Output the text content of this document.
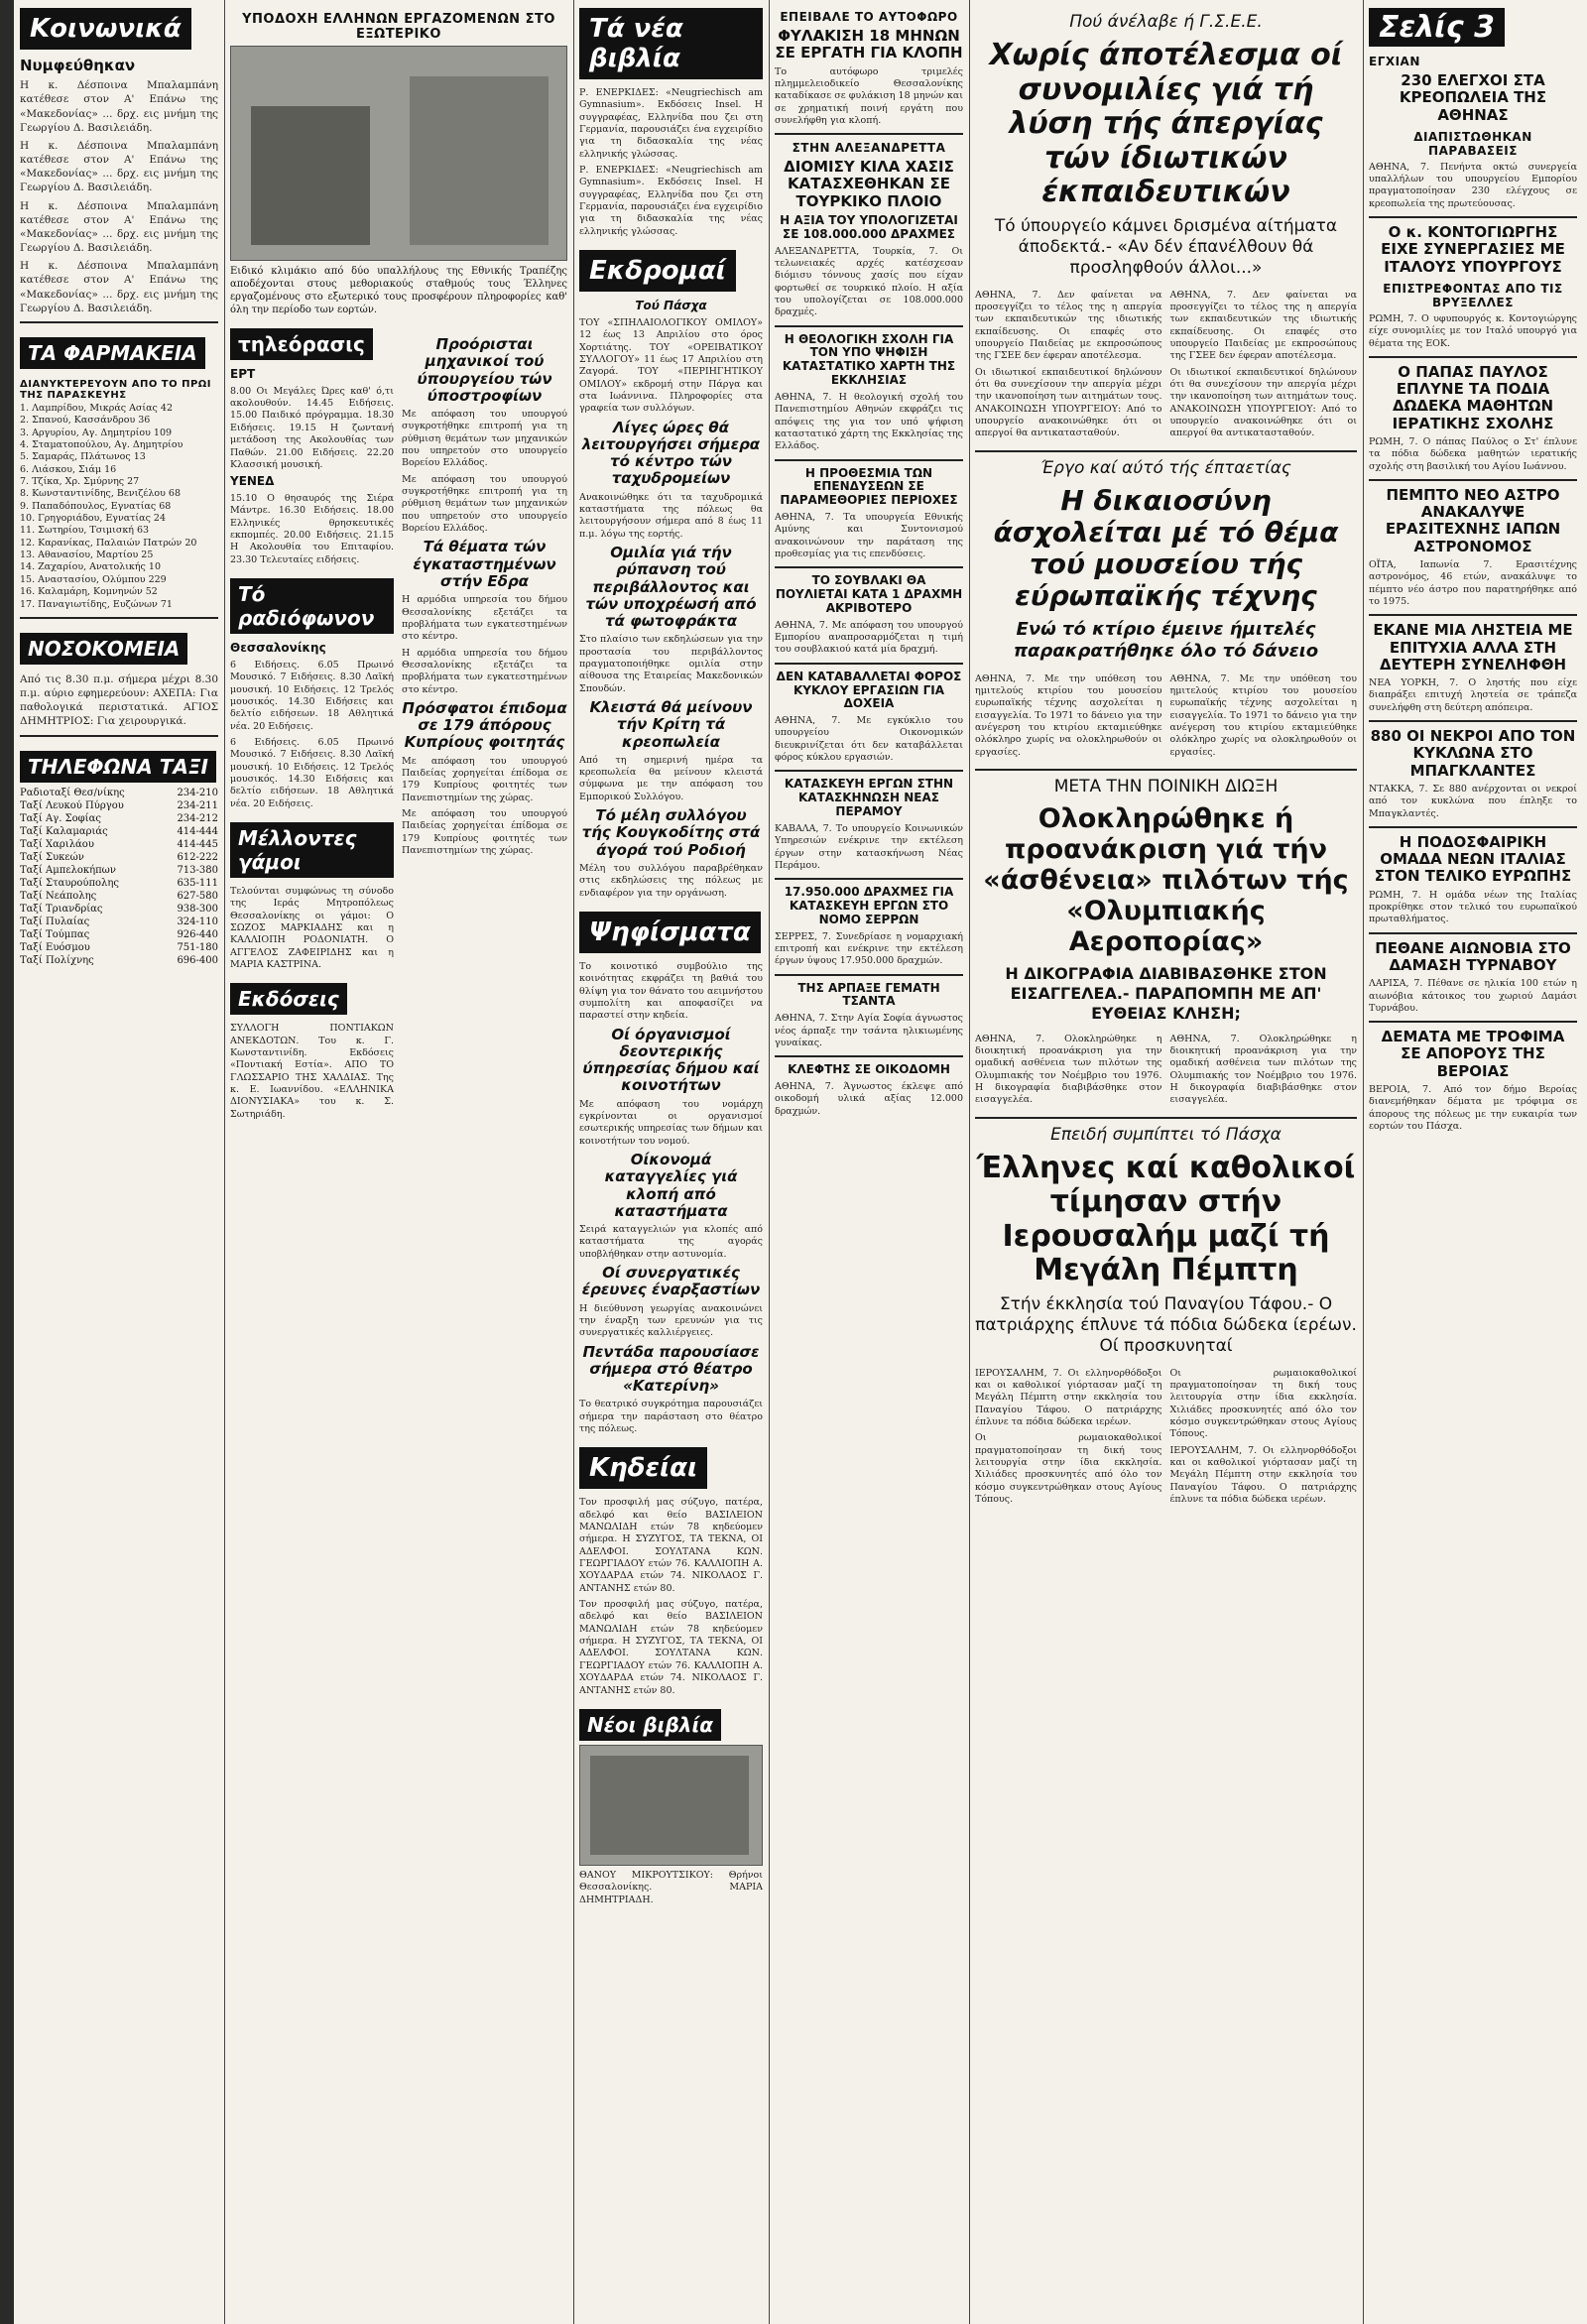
Κοινωνικά
Νυμφεύθηκαν
Η κ. Δέσποινα Μπαλαμπάνη κατέθεσε στον Α' Επάνω της «Μακεδονίας» ... δρχ. εις μνήμη της Γεωργίου Δ. Βασιλειάδη.
Η κ. Δέσποινα Μπαλαμπάνη κατέθεσε στον Α' Επάνω της «Μακεδονίας» ... δρχ. εις μνήμη της Γεωργίου Δ. Βασιλειάδη.
Η κ. Δέσποινα Μπαλαμπάνη κατέθεσε στον Α' Επάνω της «Μακεδονίας» ... δρχ. εις μνήμη της Γεωργίου Δ. Βασιλειάδη.
Η κ. Δέσποινα Μπαλαμπάνη κατέθεσε στον Α' Επάνω της «Μακεδονίας» ... δρχ. εις μνήμη της Γεωργίου Δ. Βασιλειάδη.
ΤΑ ΦΑΡΜΑΚΕΙΑ
ΔΙΑΝΥΚΤΕΡΕΥΟΥΝ ΑΠΟ ΤΟ ΠΡΩΙ ΤΗΣ ΠΑΡΑΣΚΕΥΗΣ
1. Λαμπρίδου, Μικράς Ασίας 42
2. Σπανού, Κασσάνδρου 36
3. Αργυρίου, Αγ. Δημητρίου 109
4. Σταματοπούλου, Αγ. Δημητρίου
5. Σαμαράς, Πλάτωνος 13
6. Λιάσκου, Σιάμ 16
7. Τζίκα, Χρ. Σμύρνης 27
8. Κωνσταντινίδης, Βενιζέλου 68
9. Παπαδόπουλος, Εγνατίας 68
10. Γρηγοριάδου, Εγνατίας 24
11. Σωτηρίου, Τσιμισκή 63
12. Καρανίκας, Παλαιών Πατρών 20
13. Αθανασίου, Μαρτίου 25
14. Ζαχαρίου, Ανατολικής 10
15. Αναστασίου, Ολύμπου 229
16. Καλαμάρη, Κομνηνών 52
17. Παναγιωτίδης, Ευζώνων 71
ΝΟΣΟΚΟΜΕΙΑ
Από τις 8.30 π.μ. σήμερα μέχρι 8.30 π.μ. αύριο εφημερεύουν: ΑΧΕΠΑ: Για παθολογικά περιστατικά. ΑΓΙΟΣ ΔΗΜΗΤΡΙΟΣ: Για χειρουργικά.
ΤΗΛΕΦΩΝΑ ΤΑΞΙ
Ραδιοταξί Θεσ/νίκης	234-210
Ταξί Λευκού Πύργου	234-211
Ταξί Αγ. Σοφίας	234-212
Ταξί Καλαμαριάς	414-444
Ταξί Χαριλάου	414-445
Ταξί Συκεών	612-222
Ταξί Αμπελοκήπων	713-380
Ταξί Σταυρούπολης	635-111
Ταξί Νεάπολης	627-580
Ταξί Τριανδρίας	938-300
Ταξί Πυλαίας	324-110
Ταξί Τούμπας	926-440
Ταξί Ευόσμου	751-180
Ταξί Πολίχνης	696-400
ΥΠΟΔΟΧΗ ΕΛΛΗΝΩΝ ΕΡΓΑΖΟΜΕΝΩΝ ΣΤΟ ΕΞΩΤΕΡΙΚΟ
Ειδικό κλιμάκιο από δύο υπαλλήλους της Εθνικής Τραπέζης αποδέχονται στους μεθοριακούς σταθμούς τους Έλληνες εργαζομένους στο εξωτερικό τους προσφέρουν πληροφορίες καθ' όλη την περίοδο των εορτών.
τηλεόρασις
ΕΡΤ
8.00 Οι Μεγάλες Ώρες καθ' ό,τι ακολουθούν. 14.45 Ειδήσεις. 15.00 Παιδικό πρόγραμμα. 18.30 Ειδήσεις. 19.15 Η ζωντανή μετάδοση της Ακολουθίας των Παθών. 21.00 Ειδήσεις. 22.20 Κλασσική μουσική.
ΥΕΝΕΔ
15.10 Ο θησαυρός της Σιέρα Μάντρε. 16.30 Ειδήσεις. 18.00 Ελληνικές θρησκευτικές εκπομπές. 20.00 Ειδήσεις. 21.15 Η Ακολουθία του Επιταφίου. 23.30 Τελευταίες ειδήσεις.
Τό ραδιόφωνον
Θεσσαλονίκης
6 Ειδήσεις. 6.05 Πρωινό Μουσικό. 7 Ειδήσεις. 8.30 Λαϊκή μουσική. 10 Ειδήσεις. 12 Τρελός μουσικός. 14.30 Ειδήσεις και δελτίο ειδήσεων. 18 Αθλητικά νέα. 20 Ειδήσεις.
6 Ειδήσεις. 6.05 Πρωινό Μουσικό. 7 Ειδήσεις. 8.30 Λαϊκή μουσική. 10 Ειδήσεις. 12 Τρελός μουσικός. 14.30 Ειδήσεις και δελτίο ειδήσεων. 18 Αθλητικά νέα. 20 Ειδήσεις.
Μέλλοντες γάμοι
Τελούνται συμφώνως τη σύνοδο της Ιεράς Μητροπόλεως Θεσσαλονίκης οι γάμοι: Ο ΣΩΖΟΣ ΜΑΡΚΙΑΔΗΣ και η ΚΑΛΛΙΟΠΗ ΡΟΔΟΝΙΑΤΗ. Ο ΑΓΓΕΛΟΣ ΖΑΦΕΙΡΙΔΗΣ και η ΜΑΡΙΑ ΚΑΣΤΡΙΝΑ.
Εκδόσεις
ΣΥΛΛΟΓΗ ΠΟΝΤΙΑΚΩΝ ΑΝΕΚΔΟΤΩΝ. Του κ. Γ. Κωνσταντινίδη. Εκδόσεις «Ποντιακή Εστία». ΑΠΟ ΤΟ ΓΛΩΣΣΑΡΙΟ ΤΗΣ ΧΑΛΔΙΑΣ. Της κ. Ε. Ιωαννίδου. «ΕΛΛΗΝΙΚΑ ΔΙΟΝΥΣΙΑΚΑ» του κ. Σ. Σωτηριάδη.
Προόρισται μηχανικοί τού ύπουργείου τών ύποστροφίων
Με απόφαση του υπουργού συγκροτήθηκε επιτροπή για τη ρύθμιση θεμάτων των μηχανικών που υπηρετούν στο υπουργείο Βορείου Ελλάδος.
Με απόφαση του υπουργού συγκροτήθηκε επιτροπή για τη ρύθμιση θεμάτων των μηχανικών που υπηρετούν στο υπουργείο Βορείου Ελλάδος.
Τά θέματα τών έγκαταστημένων στήν Εδρα
Η αρμόδια υπηρεσία του δήμου Θεσσαλονίκης εξετάζει τα προβλήματα των εγκατεστημένων στο κέντρο.
Η αρμόδια υπηρεσία του δήμου Θεσσαλονίκης εξετάζει τα προβλήματα των εγκατεστημένων στο κέντρο.
Πρόσφατοι έπιδομα σε 179 άπόρους Κυπρίους φοιτητάς
Με απόφαση του υπουργού Παιδείας χορηγείται έπίδομα σε 179 Κυπρίους φοιτητές των Πανεπιστημίων της χώρας.
Με απόφαση του υπουργού Παιδείας χορηγείται έπίδομα σε 179 Κυπρίους φοιτητές των Πανεπιστημίων της χώρας.
Τά νέα βιβλία
Ρ. ΕΝΕΡΚΙΔΕΣ: «Neugriechisch am Gymnasium». Εκδόσεις Insel. Η συγγραφέας, Ελληνίδα που ζει στη Γερμανία, παρουσιάζει ένα εγχειρίδιο για τη διδασκαλία της νέας ελληνικής γλώσσας.
Ρ. ΕΝΕΡΚΙΔΕΣ: «Neugriechisch am Gymnasium». Εκδόσεις Insel. Η συγγραφέας, Ελληνίδα που ζει στη Γερμανία, παρουσιάζει ένα εγχειρίδιο για τη διδασκαλία της νέας ελληνικής γλώσσας.
Εκδρομαί
Τού Πάσχα
ΤΟΥ «ΣΠΗΛΑΙΟΛΟΓΙΚΟΥ ΟΜΙΛΟΥ» 12 έως 13 Απριλίου στο όρος Χορτιάτης. ΤΟΥ «ΟΡΕΙΒΑΤΙΚΟΥ ΣΥΛΛΟΓΟΥ» 11 έως 17 Απριλίου στη Ζαγορά. ΤΟΥ «ΠΕΡΙΗΓΗΤΙΚΟΥ ΟΜΙΛΟΥ» εκδρομή στην Πάργα και στα Ιωάννινα. Πληροφορίες στα γραφεία των συλλόγων.
Λίγες ώρες θά λειτουργήσει σήμερα τό κέντρο τών ταχυδρομείων
Ανακοινώθηκε ότι τα ταχυδρομικά καταστήματα της πόλεως θα λειτουργήσουν σήμερα από 8 έως 11 π.μ. λόγω της εορτής.
Ομιλία γιά τήν ρύπανση τού περιβάλλοντος και τών υποχρέωσή από τά φωτοφράκτα
Στο πλαίσιο των εκδηλώσεων για την προστασία του περιβάλλοντος πραγματοποιήθηκε ομιλία στην αίθουσα της Εταιρείας Μακεδονικών Σπουδών.
Κλειστά θά μείνουν τήν Κρίτη τά κρεοπωλεία
Από τη σημερινή ημέρα τα κρεοπωλεία θα μείνουν κλειστά σύμφωνα με την απόφαση του Εμπορικού Συλλόγου.
Τό μέλη συλλόγου τής Κουγκοδίτης στά άγορά τού Ροδιοή
Μέλη του συλλόγου παραβρέθηκαν στις εκδηλώσεις της πόλεως με ενδιαφέρον για την οργάνωση.
Ψηφίσματα
Το κοινοτικό συμβούλιο της κοινότητας εκφράζει τη βαθιά του θλίψη για τον θάνατο του αειμνήστου συμπολίτη και αποφασίζει να παραστεί στην κηδεία.
Οί όργανισμοί δεοντερικής ύπηρεσίας δήμου καί κοινοτήτων
Με απόφαση του νομάρχη εγκρίνονται οι οργανισμοί εσωτερικής υπηρεσίας των δήμων και κοινοτήτων του νομού.
Οίκονομά καταγγελίες γιά κλοπή από καταστήματα
Σειρά καταγγελιών για κλοπές από καταστήματα της αγοράς υποβλήθηκαν στην αστυνομία.
Οί συνεργατικές έρευνες έναρξαστίων
Η διεύθυνση γεωργίας ανακοινώνει την έναρξη των ερευνών για τις συνεργατικές καλλιέργειες.
Πεντάδα παρουσίασε σήμερα στό θέατρο «Κατερίνη»
Το θεατρικό συγκρότημα παρουσιάζει σήμερα την παράσταση στο θέατρο της πόλεως.
Κηδείαι
Τον προσφιλή μας σύζυγο, πατέρα, αδελφό και θείο ΒΑΣΙΛΕΙΟΝ ΜΑΝΩΛΙΔΗ ετών 78 κηδεύομεν σήμερα. Η ΣΥΖΥΓΟΣ, ΤΑ ΤΕΚΝΑ, ΟΙ ΑΔΕΛΦΟΙ. ΣΟΥΛΤΑΝΑ ΚΩΝ. ΓΕΩΡΓΙΑΔΟΥ ετών 76. ΚΑΛΛΙΟΠΗ Α. ΧΟΥΔΑΡΔΑ ετών 74. ΝΙΚΟΛΑΟΣ Γ. ΑΝΤΑΝΗΣ ετών 80.
Τον προσφιλή μας σύζυγο, πατέρα, αδελφό και θείο ΒΑΣΙΛΕΙΟΝ ΜΑΝΩΛΙΔΗ ετών 78 κηδεύομεν σήμερα. Η ΣΥΖΥΓΟΣ, ΤΑ ΤΕΚΝΑ, ΟΙ ΑΔΕΛΦΟΙ. ΣΟΥΛΤΑΝΑ ΚΩΝ. ΓΕΩΡΓΙΑΔΟΥ ετών 76. ΚΑΛΛΙΟΠΗ Α. ΧΟΥΔΑΡΔΑ ετών 74. ΝΙΚΟΛΑΟΣ Γ. ΑΝΤΑΝΗΣ ετών 80.
Νέοι βιβλία
ΘΑΝΟΥ ΜΙΚΡΟΥΤΣΙΚΟΥ: Θρήνοι Θεσσαλονίκης. ΜΑΡΙΑ ΔΗΜΗΤΡΙΑΔΗ.
ΕΠΕΙΒΑΛΕ ΤΟ ΑΥΤΟΦΩΡΟ
ΦΥΛΑΚΙΣΗ 18 ΜΗΝΩΝ ΣΕ ΕΡΓΑΤΗ ΓΙΑ ΚΛΟΠΗ
Το αυτόφωρο τριμελές πλημμελειοδικείο Θεσσαλονίκης καταδίκασε σε φυλάκιση 18 μηνών και σε χρηματική ποινή εργάτη που συνελήφθη για κλοπή.
ΣΤΗΝ ΑΛΕΞΑΝΔΡΕΤΤΑ
ΔΙΟΜΙΣΥ ΚΙΛΑ ΧΑΣΙΣ ΚΑΤΑΣΧΕΘΗΚΑΝ ΣΕ ΤΟΥΡΚΙΚΟ ΠΛΟΙΟ
Η ΑΞΙΑ ΤΟΥ ΥΠΟΛΟΓΙΖΕΤΑΙ ΣΕ 108.000.000 ΔΡΑΧΜΕΣ
ΑΛΕΞΑΝΔΡΕΤΤΑ, Τουρκία, 7. Οι τελωνειακές αρχές κατέσχεσαν διόμισυ τόννους χασίς που είχαν φορτωθεί σε τουρκικό πλοίο. Η αξία του υπολογίζεται σε 108.000.000 δραχμές.
Η ΘΕΟΛΟΓΙΚΗ ΣΧΟΛΗ ΓΙΑ ΤΟΝ ΥΠΟ ΨΗΦΙΣΗ ΚΑΤΑΣΤΑΤΙΚΟ ΧΑΡΤΗ ΤΗΣ ΕΚΚΛΗΣΙΑΣ
ΑΘΗΝΑ, 7. Η θεολογική σχολή του Πανεπιστημίου Αθηνών εκφράζει τις απόψεις της για τον υπό ψήφιση καταστατικό χάρτη της Εκκλησίας της Ελλάδος.
Η ΠΡΟΘΕΣΜΙΑ ΤΩΝ ΕΠΕΝΔΥΣΕΩΝ ΣΕ ΠΑΡΑΜΕΘΟΡΙΕΣ ΠΕΡΙΟΧΕΣ
ΑΘΗΝΑ, 7. Τα υπουργεία Εθνικής Αμύνης και Συντονισμού ανακοινώνουν την παράταση της προθεσμίας για τις επενδύσεις.
ΤΟ ΣΟΥΒΛΑΚΙ ΘΑ ΠΟΥΛΙΕΤΑΙ ΚΑΤΑ 1 ΔΡΑΧΜΗ ΑΚΡΙΒΟΤΕΡΟ
ΑΘΗΝΑ, 7. Με απόφαση του υπουργού Εμπορίου αναπροσαρμόζεται η τιμή του σουβλακιού κατά μία δραχμή.
ΔΕΝ ΚΑΤΑΒΑΛΛΕΤΑΙ ΦΟΡΟΣ ΚΥΚΛΟΥ ΕΡΓΑΣΙΩΝ ΓΙΑ ΔΟΧΕΙΑ
ΑΘΗΝΑ, 7. Με εγκύκλιο του υπουργείου Οικονομικών διευκρινίζεται ότι δεν καταβάλλεται φόρος κύκλου εργασιών.
ΚΑΤΑΣΚΕΥΗ ΕΡΓΩΝ ΣΤΗΝ ΚΑΤΑΣΚΗΝΩΣΗ ΝΕΑΣ ΠΕΡΑΜΟΥ
ΚΑΒΑΛΑ, 7. Το υπουργείο Κοινωνικών Υπηρεσιών ενέκρινε την εκτέλεση έργων στην κατασκήνωση Νέας Περάμου.
17.950.000 ΔΡΑΧΜΕΣ ΓΙΑ ΚΑΤΑΣΚΕΥΗ ΕΡΓΩΝ ΣΤΟ ΝΟΜΟ ΣΕΡΡΩΝ
ΣΕΡΡΕΣ, 7. Συνεδρίασε η νομαρχιακή επιτροπή και ενέκρινε την εκτέλεση έργων ύψους 17.950.000 δραχμών.
ΤΗΣ ΑΡΠΑΞΕ ΓΕΜΑΤΗ ΤΣΑΝΤΑ
ΑΘΗΝΑ, 7. Στην Αγία Σοφία άγνωστος νέος άρπαξε την τσάντα ηλικιωμένης γυναίκας.
ΚΛΕΦΤΗΣ ΣΕ ΟΙΚΟΔΟΜΗ
ΑΘΗΝΑ, 7. Άγνωστος έκλεψε από οικοδομή υλικά αξίας 12.000 δραχμών.
Πού άνέλαβε ή Γ.Σ.Ε.Ε.
Χωρίς άποτέλεσμα οί συνομιλίες γιά τή λύση τής άπεργίας τών ίδιωτικών έκπαιδευτικών
Τό ύπουργείο κάμνει δρισμένα αίτήματα άποδεκτά.- «Αν δέν έπανέλθουν θά προσληφθούν άλλοι...»
ΑΘΗΝΑ, 7. Δεν φαίνεται να προσεγγίζει το τέλος της η απεργία των εκπαιδευτικών της ιδιωτικής εκπαίδευσης. Οι επαφές στο υπουργείο Παιδείας με εκπροσώπους της ΓΣΕΕ δεν έφεραν αποτέλεσμα.
Οι ιδιωτικοί εκπαιδευτικοί δηλώνουν ότι θα συνεχίσουν την απεργία μέχρι την ικανοποίηση των αιτημάτων τους. ΑΝΑΚΟΙΝΩΣΗ ΥΠΟΥΡΓΕΙΟΥ: Από το υπουργείο ανακοινώθηκε ότι οι απεργοί θα αντικατασταθούν.
ΑΘΗΝΑ, 7. Δεν φαίνεται να προσεγγίζει το τέλος της η απεργία των εκπαιδευτικών της ιδιωτικής εκπαίδευσης. Οι επαφές στο υπουργείο Παιδείας με εκπροσώπους της ΓΣΕΕ δεν έφεραν αποτέλεσμα.
Οι ιδιωτικοί εκπαιδευτικοί δηλώνουν ότι θα συνεχίσουν την απεργία μέχρι την ικανοποίηση των αιτημάτων τους. ΑΝΑΚΟΙΝΩΣΗ ΥΠΟΥΡΓΕΙΟΥ: Από το υπουργείο ανακοινώθηκε ότι οι απεργοί θα αντικατασταθούν.
Έργο καί αύτό τής έπταετίας
Η δικαιοσύνη άσχολείται μέ τό θέμα τού μουσείου τής εύρωπαϊκής τέχνης
Ενώ τό κτίριο έμεινε ήμιτελές παρακρατήθηκε όλο τό δάνειο
ΑΘΗΝΑ, 7. Με την υπόθεση του ημιτελούς κτιρίου του μουσείου ευρωπαϊκής τέχνης ασχολείται η εισαγγελία. Το 1971 το δάνειο για την ανέγερση του κτιρίου εκταμιεύθηκε ολόκληρο χωρίς να ολοκληρωθούν οι εργασίες.
ΑΘΗΝΑ, 7. Με την υπόθεση του ημιτελούς κτιρίου του μουσείου ευρωπαϊκής τέχνης ασχολείται η εισαγγελία. Το 1971 το δάνειο για την ανέγερση του κτιρίου εκταμιεύθηκε ολόκληρο χωρίς να ολοκληρωθούν οι εργασίες.
ΜΕΤΑ ΤΗΝ ΠΟΙΝΙΚΗ ΔΙΩΞΗ
Ολοκληρώθηκε ή προανάκριση γιά τήν «άσθένεια» πιλότων τής «Ολυμπιακής Αεροπορίας»
Η ΔΙΚΟΓΡΑΦΙΑ ΔΙΑΒΙΒΑΣΘΗΚΕ ΣΤΟΝ ΕΙΣΑΓΓΕΛΕΑ.- ΠΑΡΑΠΟΜΠΗ ΜΕ ΑΠ' ΕΥΘΕΙΑΣ ΚΛΗΣΗ;
ΑΘΗΝΑ, 7. Ολοκληρώθηκε η διοικητική προανάκριση για την ομαδική ασθένεια των πιλότων της Ολυμπιακής τον Νοέμβριο του 1976. Η δικογραφία διαβιβάσθηκε στον εισαγγελέα.
ΑΘΗΝΑ, 7. Ολοκληρώθηκε η διοικητική προανάκριση για την ομαδική ασθένεια των πιλότων της Ολυμπιακής τον Νοέμβριο του 1976. Η δικογραφία διαβιβάσθηκε στον εισαγγελέα.
Επειδή συμπίπτει τό Πάσχα
Έλληνες καί καθολικοί τίμησαν στήν Ιερουσαλήμ μαζί τή Μεγάλη Πέμπτη
Στήν έκκλησία τού Παναγίου Τάφου.- Ο πατριάρχης έπλυνε τά πόδια δώδεκα ίερέων. Οί προσκυνηταί
ΙΕΡΟΥΣΑΛΗΜ, 7. Οι ελληνορθόδοξοι και οι καθολικοί γιόρτασαν μαζί τη Μεγάλη Πέμπτη στην εκκλησία του Παναγίου Τάφου. Ο πατριάρχης έπλυνε τα πόδια δώδεκα ιερέων.
Οι ρωμαιοκαθολικοί πραγματοποίησαν τη δική τους λειτουργία στην ίδια εκκλησία. Χιλιάδες προσκυνητές από όλο τον κόσμο συγκεντρώθηκαν στους Αγίους Τόπους.
Οι ρωμαιοκαθολικοί πραγματοποίησαν τη δική τους λειτουργία στην ίδια εκκλησία. Χιλιάδες προσκυνητές από όλο τον κόσμο συγκεντρώθηκαν στους Αγίους Τόπους.
ΙΕΡΟΥΣΑΛΗΜ, 7. Οι ελληνορθόδοξοι και οι καθολικοί γιόρτασαν μαζί τη Μεγάλη Πέμπτη στην εκκλησία του Παναγίου Τάφου. Ο πατριάρχης έπλυνε τα πόδια δώδεκα ιερέων.
Σελίς 3
ΕΓΧΙΑΝ
230 ΕΛΕΓΧΟΙ ΣΤΑ ΚΡΕΟΠΩΛΕΙΑ ΤΗΣ ΑΘΗΝΑΣ
ΔΙΑΠΙΣΤΩΘΗΚΑΝ ΠΑΡΑΒΑΣΕΙΣ
ΑΘΗΝΑ, 7. Πενήντα οκτώ συνεργεία υπαλλήλων του υπουργείου Εμπορίου πραγματοποίησαν 230 ελέγχους σε κρεοπωλεία της πρωτεύουσας.
Ο κ. ΚΟΝΤΟΓΙΩΡΓΗΣ ΕΙΧΕ ΣΥΝΕΡΓΑΣΙΕΣ ΜΕ ΙΤΑΛΟΥΣ ΥΠΟΥΡΓΟΥΣ
ΕΠΙΣΤΡΕΦΟΝΤΑΣ ΑΠΟ ΤΙΣ ΒΡΥΞΕΛΛΕΣ
ΡΩΜΗ, 7. Ο υφυπουργός κ. Κοντογιώργης είχε συνομιλίες με τον Ιταλό υπουργό για θέματα της ΕΟΚ.
Ο ΠΑΠΑΣ ΠΑΥΛΟΣ ΕΠΛΥΝΕ ΤΑ ΠΟΔΙΑ ΔΩΔΕΚΑ ΜΑΘΗΤΩΝ ΙΕΡΑΤΙΚΗΣ ΣΧΟΛΗΣ
ΡΩΜΗ, 7. Ο πάπας Παύλος ο Στ' έπλυνε τα πόδια δώδεκα μαθητών ιερατικής σχολής στη βασιλική του Αγίου Ιωάννου.
ΠΕΜΠΤΟ ΝΕΟ ΑΣΤΡΟ ΑΝΑΚΑΛΥΨΕ ΕΡΑΣΙΤΕΧΝΗΣ ΙΑΠΩΝ ΑΣΤΡΟΝΟΜΟΣ
ΟΪΤΑ, Ιαπωνία 7. Ερασιτέχνης αστρονόμος, 46 ετών, ανακάλυψε το πέμπτο νέο άστρο που παρατηρήθηκε από το 1975.
ΕΚΑΝΕ ΜΙΑ ΛΗΣΤΕΙΑ ΜΕ ΕΠΙΤΥΧΙΑ ΑΛΛΑ ΣΤΗ ΔΕΥΤΕΡΗ ΣΥΝΕΛΗΦΘΗ
ΝΕΑ ΥΟΡΚΗ, 7. Ο ληστής που είχε διαπράξει επιτυχή ληστεία σε τράπεζα συνελήφθη στη δεύτερη απόπειρα.
880 ΟΙ ΝΕΚΡΟΙ ΑΠΟ ΤΟΝ ΚΥΚΛΩΝΑ ΣΤΟ ΜΠΑΓΚΛΑΝΤΕΣ
ΝΤΑΚΚΑ, 7. Σε 880 ανέρχονται οι νεκροί από τον κυκλώνα που έπληξε το Μπαγκλαντές.
Η ΠΟΔΟΣΦΑΙΡΙΚΗ ΟΜΑΔΑ ΝΕΩΝ ΙΤΑΛΙΑΣ ΣΤΟΝ ΤΕΛΙΚΟ ΕΥΡΩΠΗΣ
ΡΩΜΗ, 7. Η ομάδα νέων της Ιταλίας προκρίθηκε στον τελικό του ευρωπαϊκού πρωταθλήματος.
ΠΕΘΑΝΕ ΑΙΩΝΟΒΙΑ ΣΤΟ ΔΑΜΑΣΗ ΤΥΡΝΑΒΟΥ
ΛΑΡΙΣΑ, 7. Πέθανε σε ηλικία 100 ετών η αιωνόβια κάτοικος του χωριού Δαμάσι Τυρνάβου.
ΔΕΜΑΤΑ ΜΕ ΤΡΟΦΙΜΑ ΣΕ ΑΠΟΡΟΥΣ ΤΗΣ ΒΕΡΟΙΑΣ
ΒΕΡΟΙΑ, 7. Από τον δήμο Βεροίας διανεμήθηκαν δέματα με τρόφιμα σε άπορους της πόλεως με την ευκαιρία των εορτών του Πάσχα.
